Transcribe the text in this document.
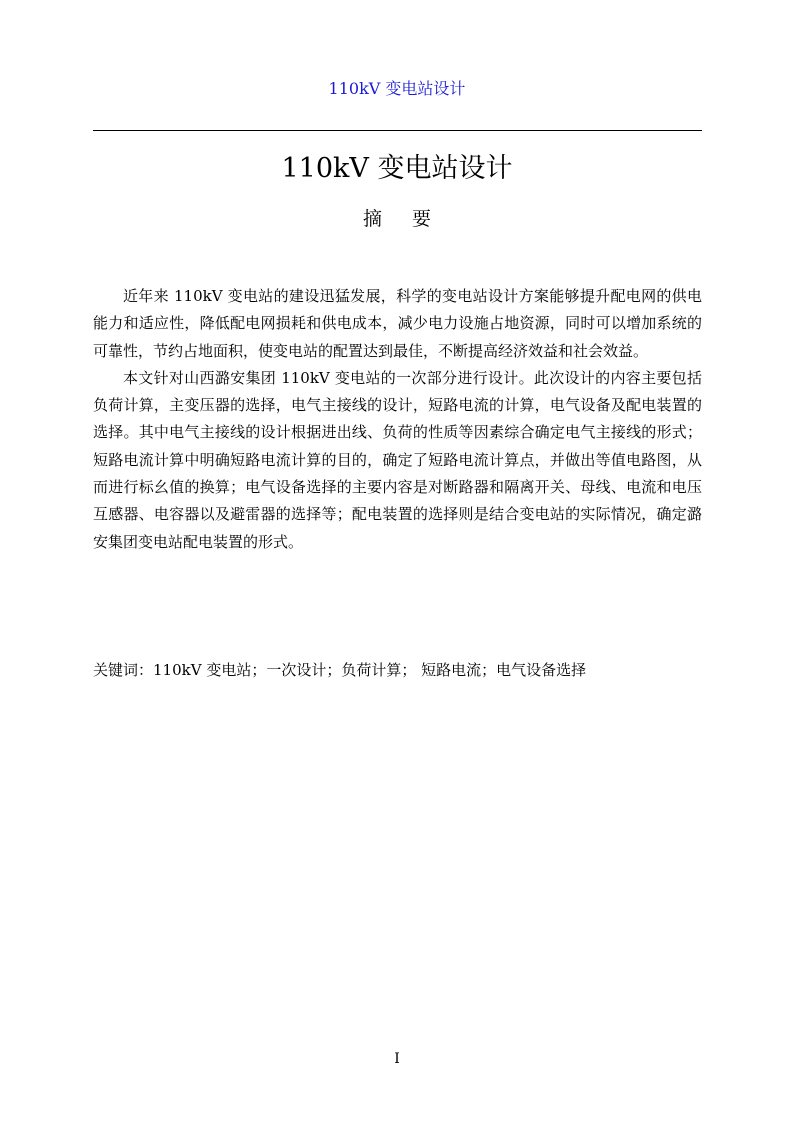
110kV 变电站设计
110kV 变电站设计
摘 要

近年来 110kV 变电站的建设迅猛发展，科学的变电站设计方案能够提升配电网的供电能力和适应性，降低配电网损耗和供电成本，减少电力设施占地资源，同时可以增加系统的可靠性，节约占地面积，使变电站的配置达到最佳，不断提高经济效益和社会效益。

本文针对山西潞安集团 110kV 变电站的一次部分进行设计。此次设计的内容主要包括负荷计算，主变压器的选择，电气主接线的设计，短路电流的计算，电气设备及配电装置的选择。其中电气主接线的设计根据进出线、负荷的性质等因素综合确定电气主接线的形式；短路电流计算中明确短路电流计算的目的，确定了短路电流计算点，并做出等值电路图，从而进行标幺值的换算；电气设备选择的主要内容是对断路器和隔离开关、母线、电流和电压互感器、电容器以及避雷器的选择等；配电装置的选择则是结合变电站的实际情况，确定潞安集团变电站配电装置的形式。

关键词：110kV 变电站；一次设计；负荷计算； 短路电流；电气设备选择
I
